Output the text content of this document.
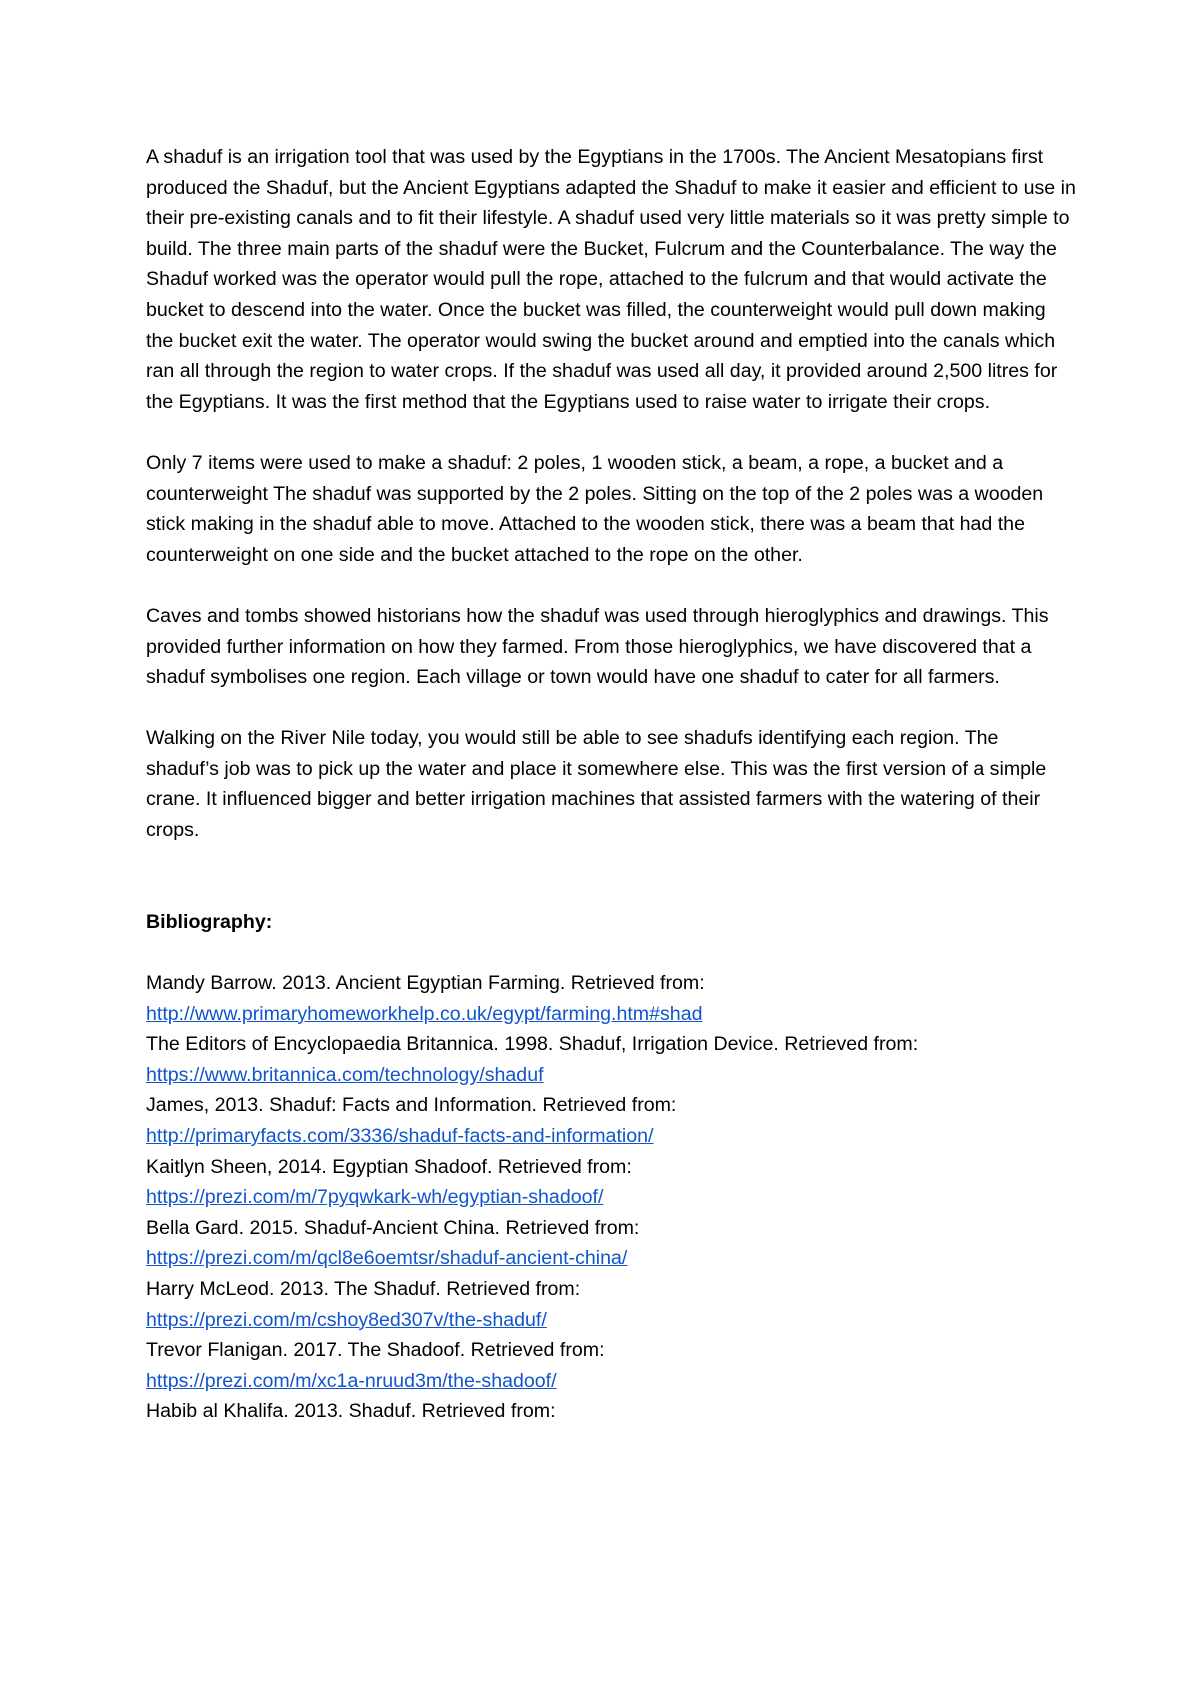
A shaduf is an irrigation tool that was used by the Egyptians in the 1700s. The Ancient Mesatopians first produced the Shaduf, but the Ancient Egyptians adapted the Shaduf to make it easier and efficient to use in their pre-existing canals and to fit their lifestyle. A shaduf used very little materials so it was pretty simple to build. The three main parts of the shaduf were the Bucket, Fulcrum and the Counterbalance. The way the Shaduf worked was the operator would pull the rope, attached to the fulcrum and that would activate the bucket to descend into the water. Once the bucket was filled, the counterweight would pull down making the bucket exit the water. The operator would swing the bucket around and emptied into the canals which ran all through the region to water crops. If the shaduf was used all day, it provided around 2,500 litres for the Egyptians. It was the first method that the Egyptians used to raise water to irrigate their crops.

Only 7 items were used to make a shaduf: 2 poles, 1 wooden stick, a beam, a rope, a bucket and a counterweight The shaduf was supported by the 2 poles. Sitting on the top of the 2 poles was a wooden stick making in the shaduf able to move. Attached to the wooden stick, there was a beam that had the counterweight on one side and the bucket attached to the rope on the other.

Caves and tombs showed historians how the shaduf was used through hieroglyphics and drawings. This provided further information on how they farmed. From those hieroglyphics, we have discovered that a shaduf symbolises one region. Each village or town would have one shaduf to cater for all farmers.

Walking on the River Nile today, you would still be able to see shadufs identifying each region. The shaduf’s job was to pick up the water and place it somewhere else. This was the first version of a simple crane. It influenced bigger and better irrigation machines that assisted farmers with the watering of their crops.

Bibliography:
Mandy Barrow. 2013. Ancient Egyptian Farming. Retrieved from:
http://www.primaryhomeworkhelp.co.uk/egypt/farming.htm#shad
The Editors of Encyclopaedia Britannica. 1998. Shaduf, Irrigation Device. Retrieved from:
https://www.britannica.com/technology/shaduf
James, 2013. Shaduf: Facts and Information. Retrieved from:
http://primaryfacts.com/3336/shaduf-facts-and-information/
Kaitlyn Sheen, 2014. Egyptian Shadoof. Retrieved from:
https://prezi.com/m/7pyqwkark-wh/egyptian-shadoof/
Bella Gard. 2015. Shaduf-Ancient China. Retrieved from:
https://prezi.com/m/qcl8e6oemtsr/shaduf-ancient-china/
Harry McLeod. 2013. The Shaduf. Retrieved from:
https://prezi.com/m/cshoy8ed307v/the-shaduf/
Trevor Flanigan. 2017. The Shadoof. Retrieved from:
https://prezi.com/m/xc1a-nruud3m/the-shadoof/
Habib al Khalifa. 2013. Shaduf. Retrieved from:
